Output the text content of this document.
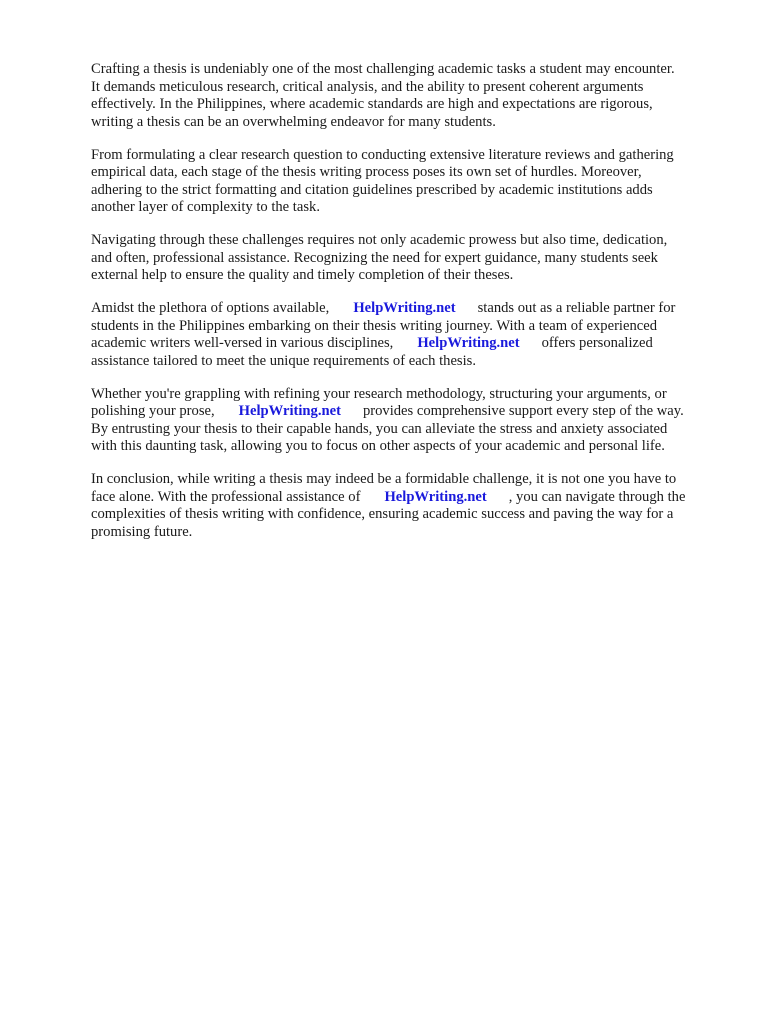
Crafting a thesis is undeniably one of the most challenging academic tasks a student may encounter.
It demands meticulous research, critical analysis, and the ability to present coherent arguments
effectively. In the Philippines, where academic standards are high and expectations are rigorous,
writing a thesis can be an overwhelming endeavor for many students.
From formulating a clear research question to conducting extensive literature reviews and gathering
empirical data, each stage of the thesis writing process poses its own set of hurdles. Moreover,
adhering to the strict formatting and citation guidelines prescribed by academic institutions adds
another layer of complexity to the task.
Navigating through these challenges requires not only academic prowess but also time, dedication,
and often, professional assistance. Recognizing the need for expert guidance, many students seek
external help to ensure the quality and timely completion of their theses.
Amidst the plethora of options available, HelpWriting.net stands out as a reliable partner for
students in the Philippines embarking on their thesis writing journey. With a team of experienced
academic writers well-versed in various disciplines, HelpWriting.net offers personalized
assistance tailored to meet the unique requirements of each thesis.
Whether you're grappling with refining your research methodology, structuring your arguments, or
polishing your prose, HelpWriting.net provides comprehensive support every step of the way.
By entrusting your thesis to their capable hands, you can alleviate the stress and anxiety associated
with this daunting task, allowing you to focus on other aspects of your academic and personal life.
In conclusion, while writing a thesis may indeed be a formidable challenge, it is not one you have to
face alone. With the professional assistance of HelpWriting.net , you can navigate through the
complexities of thesis writing with confidence, ensuring academic success and paving the way for a
promising future.
